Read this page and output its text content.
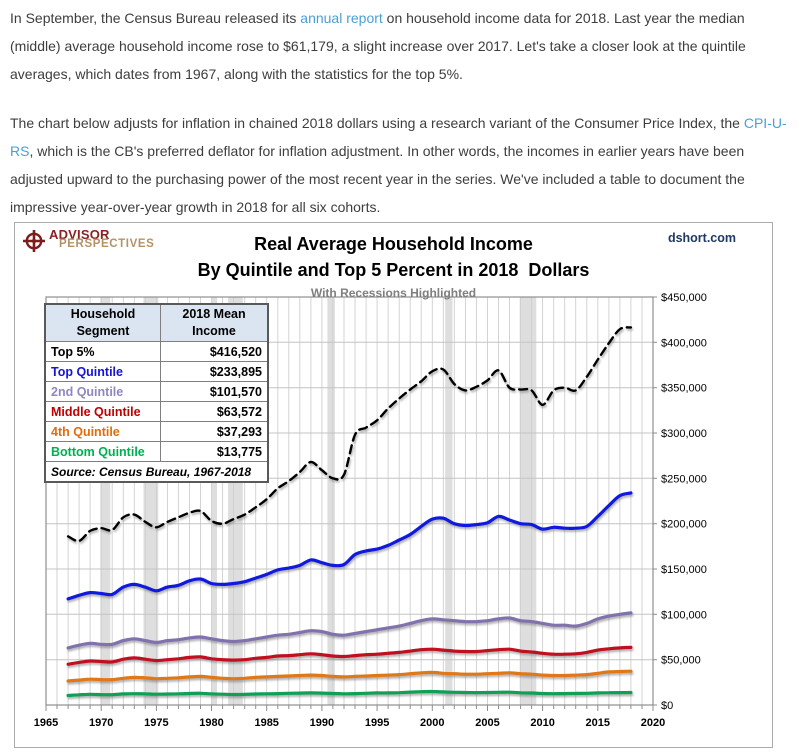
In September, the Census Bureau released its annual report on household income data for 2018. Last year the median (middle) average household income rose to $61,179, a slight increase over 2017. Let's take a closer look at the quintile averages, which dates from 1967, along with the statistics for the top 5%.

The chart below adjusts for inflation in chained 2018 dollars using a research variant of the Consumer Price Index, the CPI-U-RS, which is the CB's preferred deflator for inflation adjustment. In other words, the incomes in earlier years have been adjusted upward to the purchasing power of the most recent year in the series. We've included a table to document the impressive year-over-year growth in 2018 for all six cohorts.

ADVISOR
PERSPECTIVES	Real Average Household Income
By Quintile and Top 5 Percent in 2018  Dollars
With Recessions Highlighted
dshort.com
$0
$50,000
$100,000
$150,000
$200,000
$250,000
$300,000
$350,000
$400,000
$450,000
1965	1970	1975	1980	1985	1990	1995	2000	2005	2010	2015	2020
Household Segment	2018 Mean Income
Top 5%	$416,520
Top Quintile	$233,895
2nd Quintile	$101,570
Middle Quintile	$63,572
4th Quintile	$37,293
Bottom Quintile	$13,775
Source: Census Bureau, 1967-2018	
